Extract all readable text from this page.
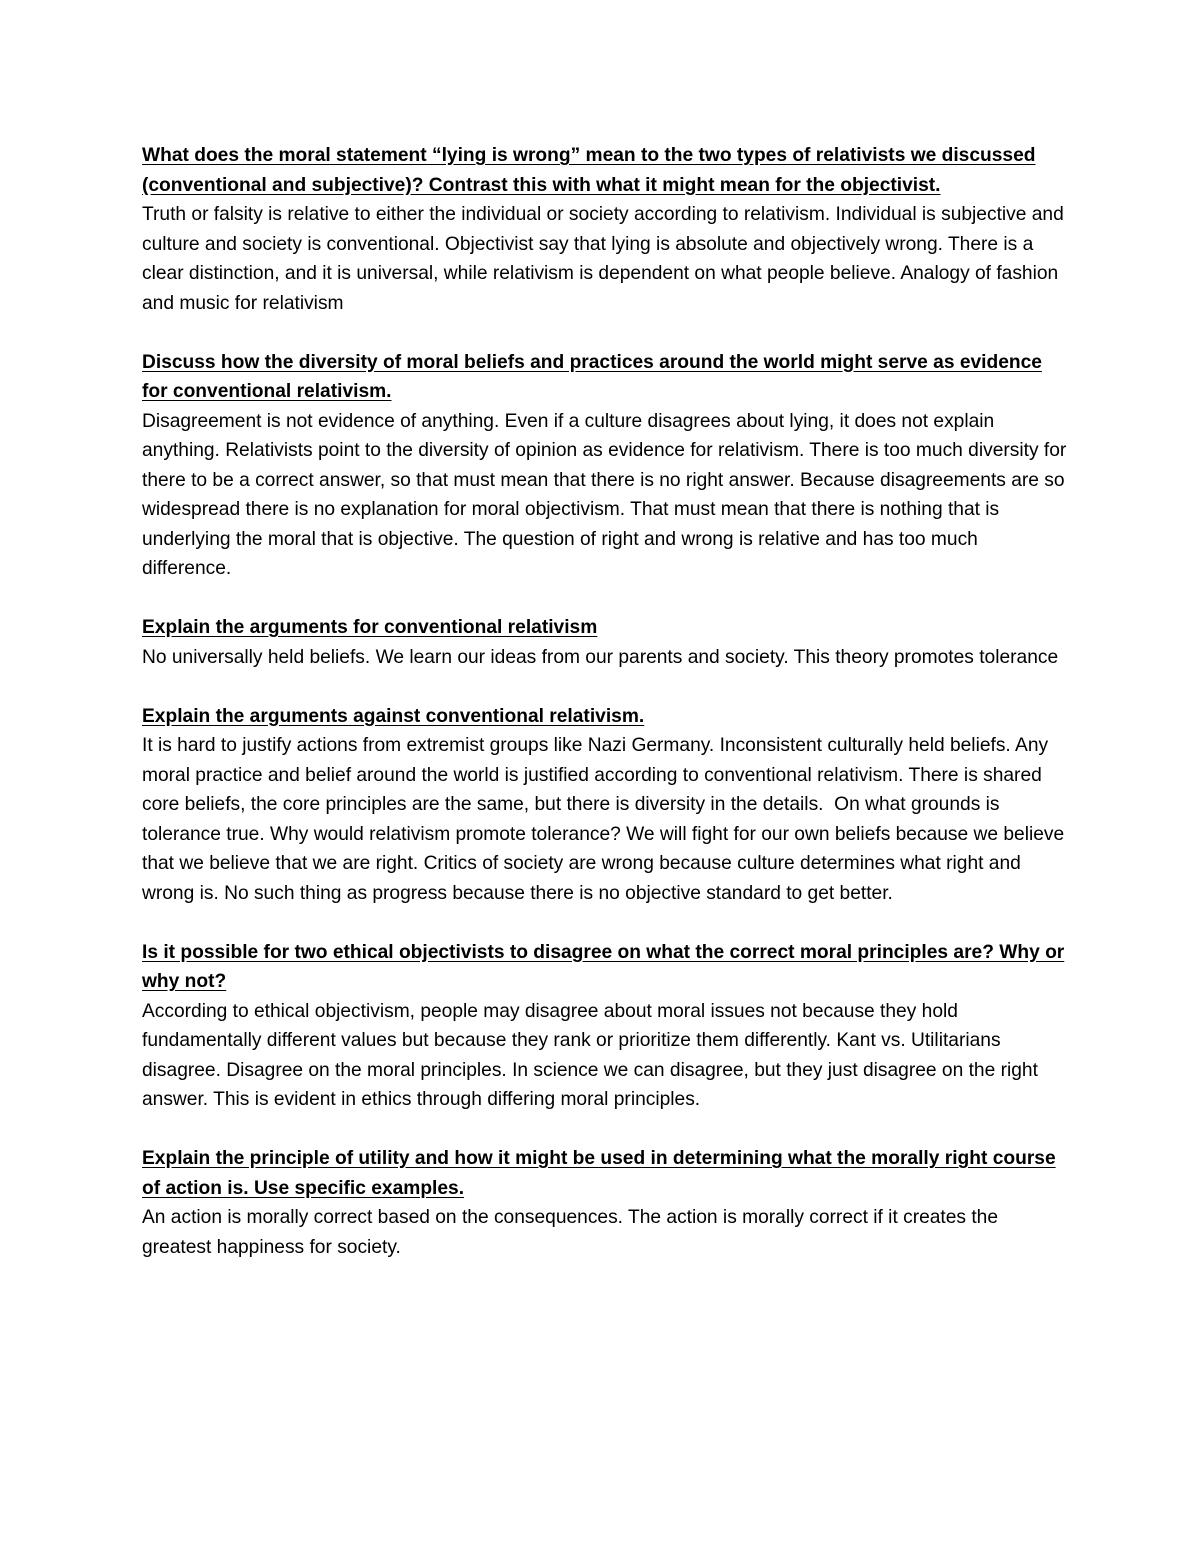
What does the moral statement “lying is wrong” mean to the two types of relativists we discussed (conventional and subjective)? Contrast this with what it might mean for the objectivist.

Truth or falsity is relative to either the individual or society according to relativism. Individual is subjective and culture and society is conventional. Objectivist say that lying is absolute and objectively wrong. There is a clear distinction, and it is universal, while relativism is dependent on what people believe. Analogy of fashion and music for relativism

Discuss how the diversity of moral beliefs and practices around the world might serve as evidence for conventional relativism.

Disagreement is not evidence of anything. Even if a culture disagrees about lying, it does not explain anything. Relativists point to the diversity of opinion as evidence for relativism. There is too much diversity for there to be a correct answer, so that must mean that there is no right answer. Because disagreements are so widespread there is no explanation for moral objectivism. That must mean that there is nothing that is underlying the moral that is objective. The question of right and wrong is relative and has too much difference.

Explain the arguments for conventional relativism

No universally held beliefs. We learn our ideas from our parents and society. This theory promotes tolerance

Explain the arguments against conventional relativism.

It is hard to justify actions from extremist groups like Nazi Germany. Inconsistent culturally held beliefs. Any moral practice and belief around the world is justified according to conventional relativism. There is shared core beliefs, the core principles are the same, but there is diversity in the details.  On what grounds is tolerance true. Why would relativism promote tolerance? We will fight for our own beliefs because we believe that we believe that we are right. Critics of society are wrong because culture determines what right and wrong is. No such thing as progress because there is no objective standard to get better.

Is it possible for two ethical objectivists to disagree on what the correct moral principles are? Why or why not?

According to ethical objectivism, people may disagree about moral issues not because they hold fundamentally different values but because they rank or prioritize them differently. Kant vs. Utilitarians disagree. Disagree on the moral principles. In science we can disagree, but they just disagree on the right answer. This is evident in ethics through differing moral principles.

Explain the principle of utility and how it might be used in determining what the morally right course of action is. Use specific examples.

An action is morally correct based on the consequences. The action is morally correct if it creates the greatest happiness for society.
